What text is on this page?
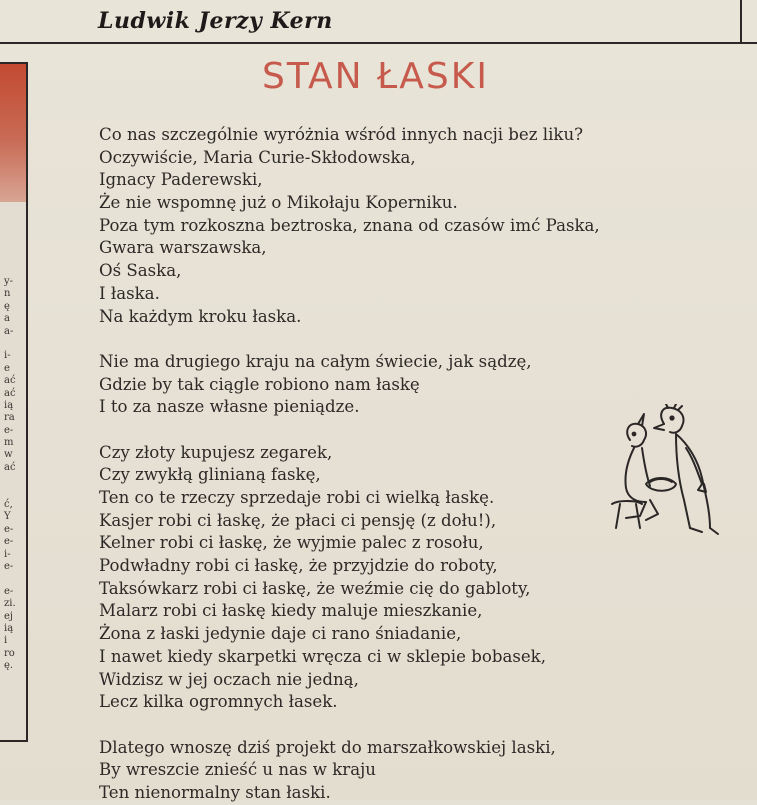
Ludwik Jerzy Kern
y-
n
ę
a
a-
i-
e
ać
ać
ią
ra
e-
m
w
ać
ć,
Y
e-
e-
i-
e-
e-
zi.
ej
ią
i
ro
ę.
STAN ŁASKI
Co nas szczególnie wyróżnia wśród innych nacji bez liku?
Oczywiście, Maria Curie-Skłodowska,
Ignacy Paderewski,
Że nie wspomnę już o Mikołaju Koperniku.
Poza tym rozkoszna beztroska, znana od czasów imć Paska,
Gwara warszawska,
Oś Saska,
I łaska.
Na każdym kroku łaska.
Nie ma drugiego kraju na całym świecie, jak sądzę,
Gdzie by tak ciągle robiono nam łaskę
I to za nasze własne pieniądze.
Czy złoty kupujesz zegarek,
Czy zwykłą glinianą faskę,
Ten co te rzeczy sprzedaje robi ci wielką łaskę.
Kasjer robi ci łaskę, że płaci ci pensję (z dołu!),
Kelner robi ci łaskę, że wyjmie palec z rosołu,
Podwładny robi ci łaskę, że przyjdzie do roboty,
Taksówkarz robi ci łaskę, że weźmie cię do gabloty,
Malarz robi ci łaskę kiedy maluje mieszkanie,
Żona z łaski jedynie daje ci rano śniadanie,
I nawet kiedy skarpetki wręcza ci w sklepie bobasek,
Widzisz w jej oczach nie jedną,
Lecz kilka ogromnych łasek.
Dlatego wnoszę dziś projekt do marszałkowskiej laski,
By wreszcie znieść u nas w kraju
Ten nienormalny stan łaski.
